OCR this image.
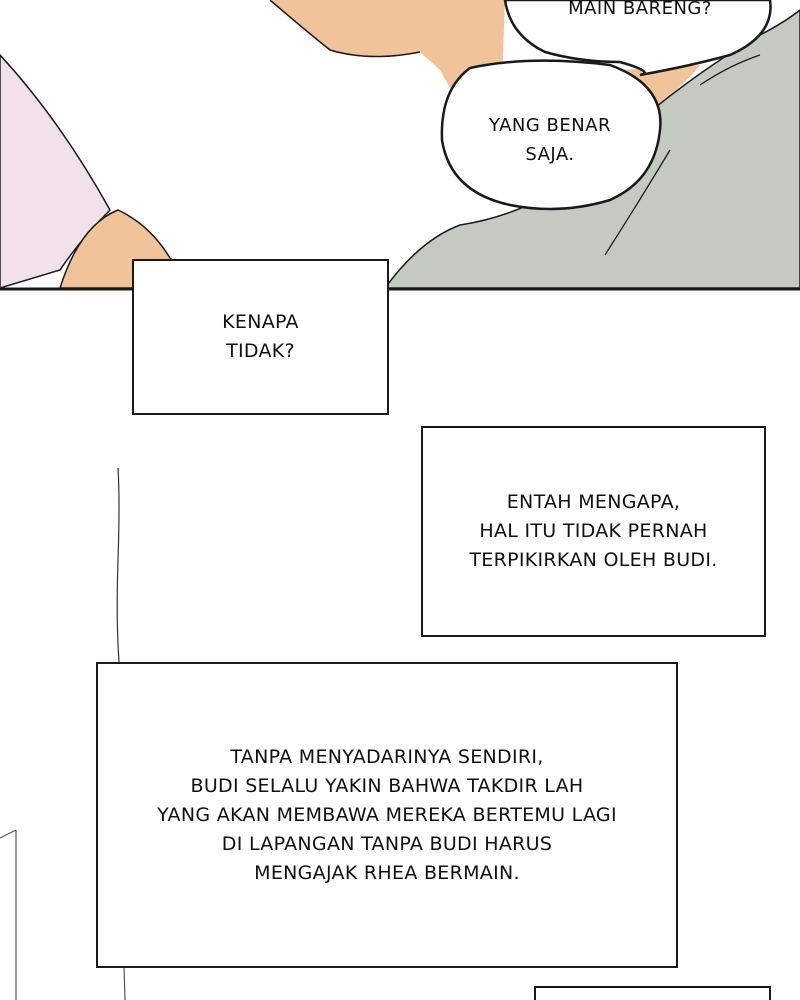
MAIN BARENG?
YANG BENAR
SAJA.
KENAPA
TIDAK?
ENTAH MENGAPA,
HAL ITU TIDAK PERNAH
TERPIKIRKAN OLEH BUDI.
TANPA MENYADARINYA SENDIRI,
BUDI SELALU YAKIN BAHWA TAKDIR LAH
YANG AKAN MEMBAWA MEREKA BERTEMU LAGI
DI LAPANGAN TANPA BUDI HARUS
MENGAJAK RHEA BERMAIN.
